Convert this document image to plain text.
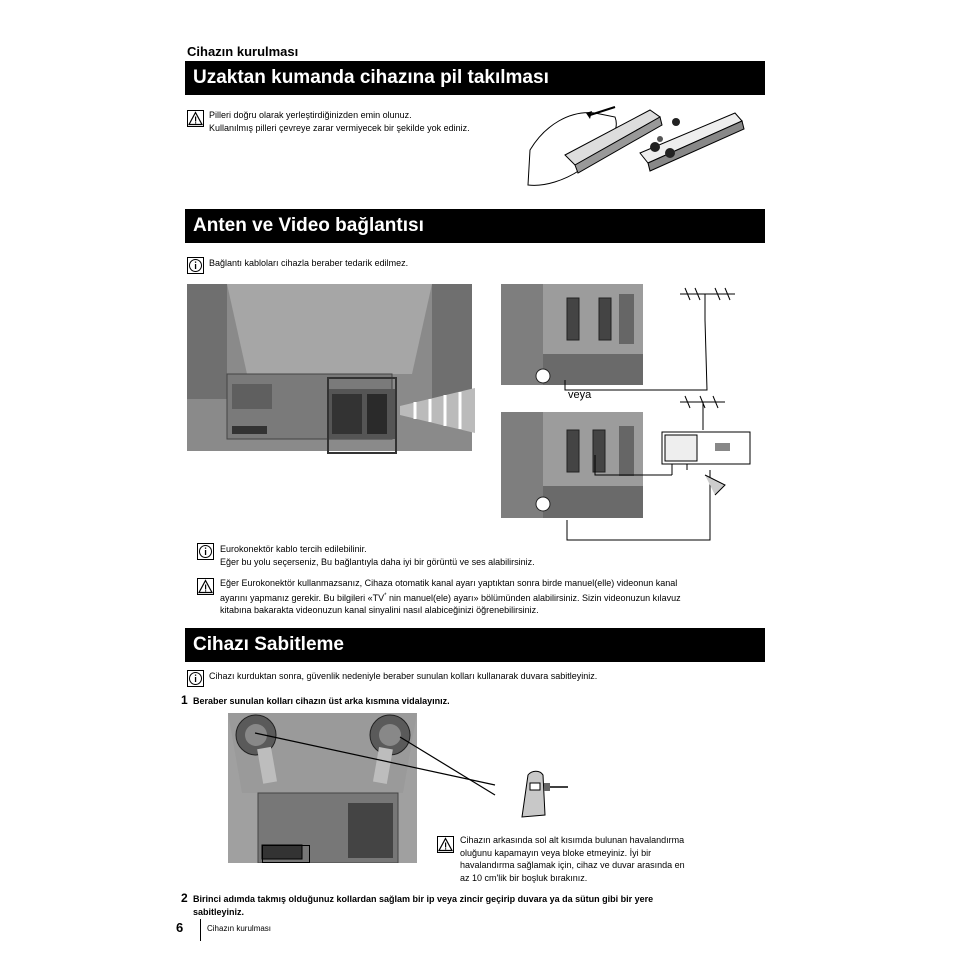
Cihazın kurulması
Uzaktan kumanda cihazına pil takılması
Pilleri doğru olarak yerleştirdiğinizden emin olunuz.
Kullanılmış pilleri çevreye zarar vermiyecek bir şekilde yok ediniz.
Anten ve Video bağlantısı
Bağlantı kabloları cihazla beraber tedarik edilmez.
veya
Eurokonektör kablo tercih edilebilinir.
Eğer bu yolu seçerseniz, Bu bağlantıyla daha iyi bir görüntü ve ses alabilirsiniz.
Eğer Eurokonektör kullanmazsanız, Cihaza otomatik kanal ayarı yaptıktan sonra birde manuel(elle) videonun kanal
ayarını yapmanız gerekir. Bu bilgileri «TV* nin manuel(ele) ayarı» bölümünden alabilirsiniz. Sizin videonuzun kılavuz
kitabına bakarakta videonuzun kanal sinyalini nasıl alabiceğinizi öğrenebilirsiniz.
Cihazı Sabitleme
Cihazı kurduktan sonra, güvenlik nedeniyle beraber sunulan kolları kullanarak duvara sabitleyiniz.
1 Beraber sunulan kolları cihazın üst arka kısmına vidalayınız.
Cihazın arkasında sol alt kısımda bulunan havalandırma
oluğunu kapamayın veya bloke etmeyiniz. İyi bir
havalandırma sağlamak için, cihaz ve duvar arasında en
az 10 cm'lik bir boşluk bırakınız.
2 Birinci adımda takmış olduğunuz kollardan sağlam bir ip veya zincir geçirip duvara ya da sütun gibi bir yere
sabitleyiniz.
6	Cihazın kurulması
